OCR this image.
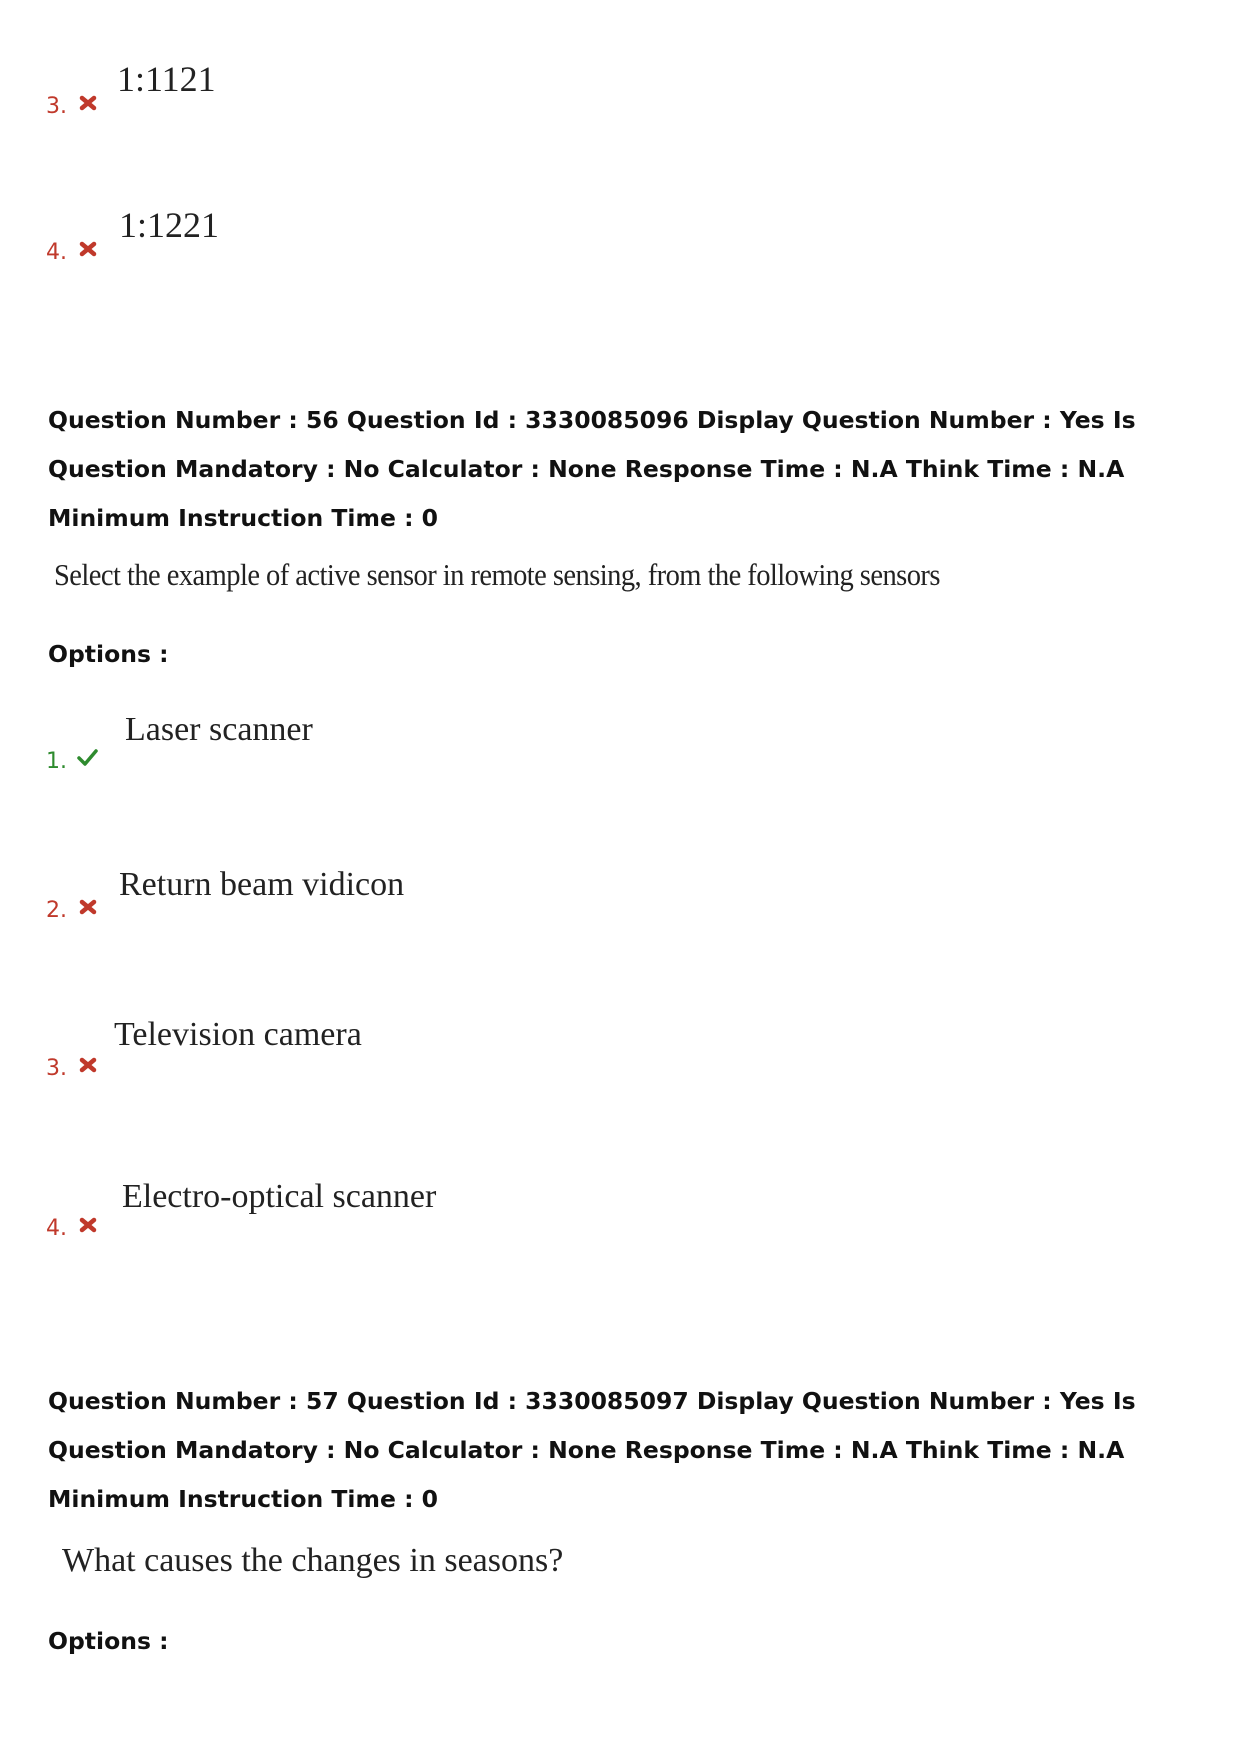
3.
1:1121
4.
1:1221
Question Number : 56 Question Id : 3330085096 Display Question Number : Yes Is Question Mandatory : No Calculator : None Response Time : N.A Think Time : N.A Minimum Instruction Time : 0
Select the example of active sensor in remote sensing, from the following sensors
Options :
1.
Laser scanner
2.
Return beam vidicon
3.
Television camera
4.
Electro-optical scanner
Question Number : 57 Question Id : 3330085097 Display Question Number : Yes Is Question Mandatory : No Calculator : None Response Time : N.A Think Time : N.A Minimum Instruction Time : 0
What causes the changes in seasons?
Options :
